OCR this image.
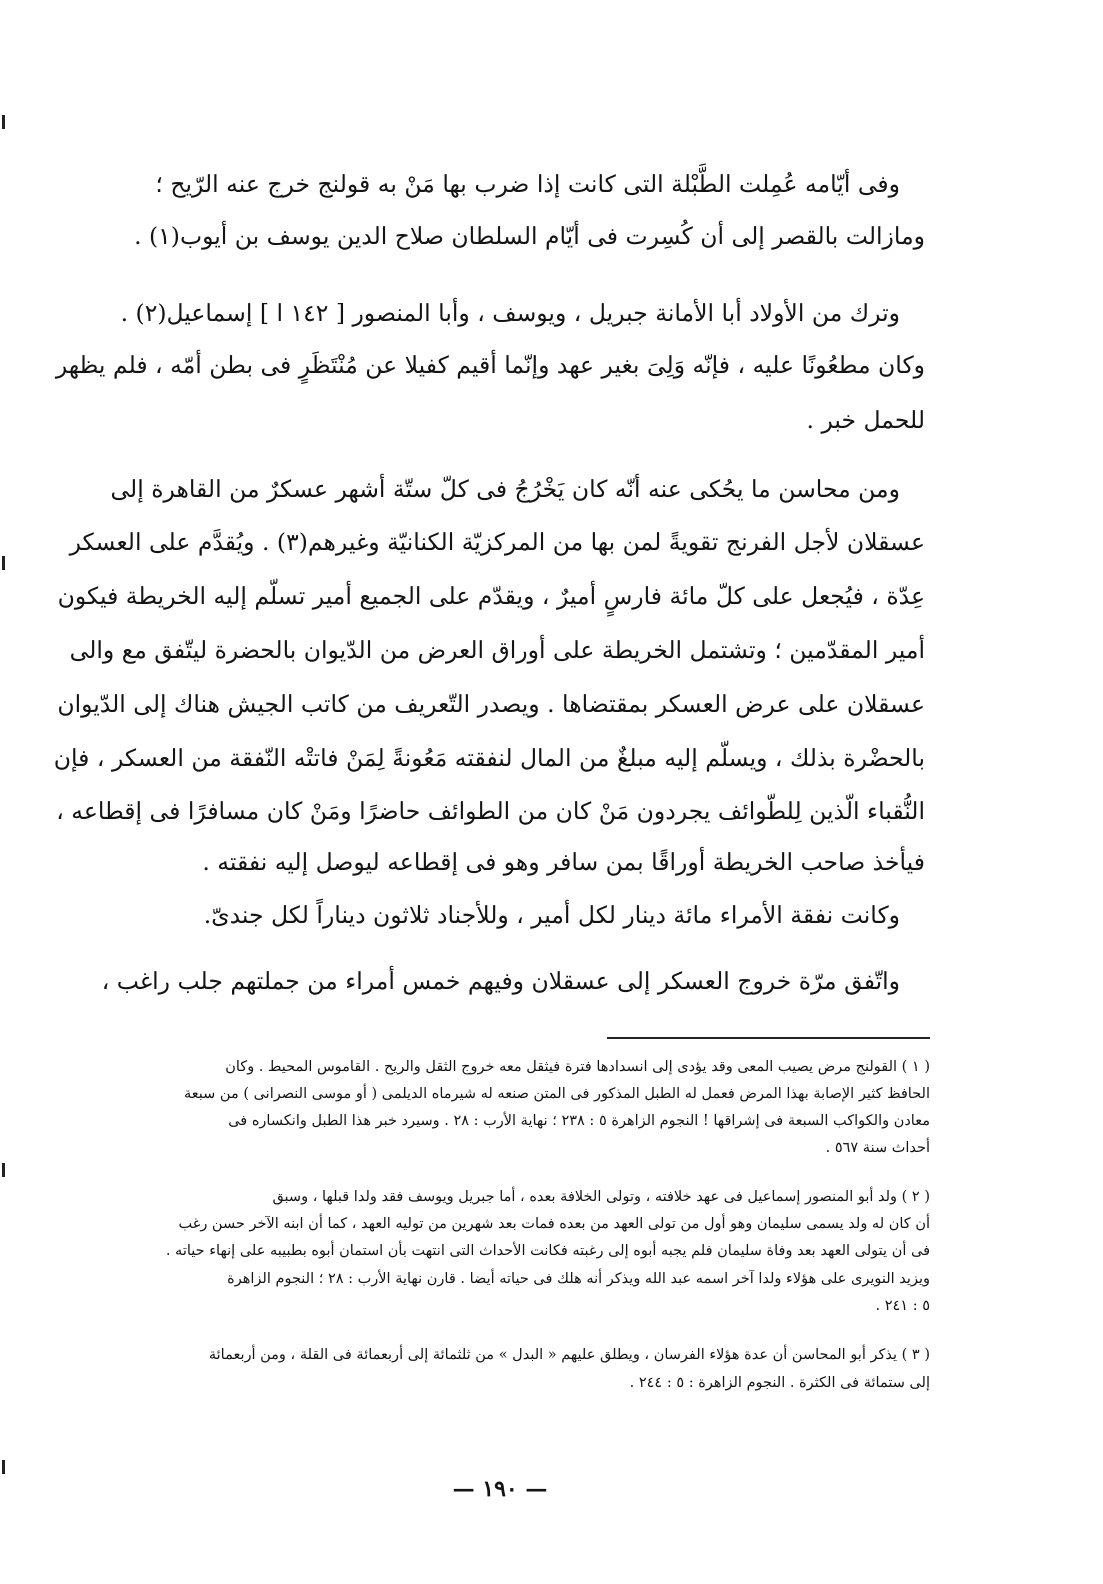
وفى أيّامه عُمِلت الطَّبْلة التى كانت إذا ضرب بها مَنْ به قولنج خرج عنه الرّيح ؛
ومازالت بالقصر إلى أن كُسِرت فى أيّام السلطان صلاح الدين يوسف بن أيوب(١) .
وترك من الأولاد أبا الأمانة جبريل ، ويوسف ، وأبا المنصور [ ١٤٢ ا ] إسماعيل(٢) .
وكان مطعُونًا عليه ، فإنّه وَلِىَ بغير عهد وإنّما أقيم كفيلا عن مُنْتَظَرٍ فى بطن أمّه ، فلم يظهر
للحمل خبر .
ومن محاسن ما يحُكى عنه أنّه كان يَخْرُجُ فى كلّ ستّة أشهر عسكرٌ من القاهرة إلى
عسقلان لأجل الفرنج تقويةً لمن بها من المركزيّة الكنانيّة وغيرهم(٣) . ويُقدَّم على العسكر
عِدّة ، فيُجعل على كلّ مائة فارسٍ أميرٌ ، ويقدّم على الجميع أمير تسلّم إليه الخريطة فيكون
أمير المقدّمين ؛ وتشتمل الخريطة على أوراق العرض من الدّيوان بالحضرة ليتّفق مع والى
عسقلان على عرض العسكر بمقتضاها . ويصدر التّعريف من كاتب الجيش هناك إلى الدّيوان
بالحضْرة بذلك ، ويسلّم إليه مبلغٌ من المال لنفقته مَعُونةً لِمَنْ فاتتْه النّفقة من العسكر ، فإن
النُّقباء الّذين لِلطّوائف يجردون مَنْ كان من الطوائف حاضرًا ومَنْ كان مسافرًا فى إقطاعه ،
فيأخذ صاحب الخريطة أوراقًا بمن سافر وهو فى إقطاعه ليوصل إليه نفقته .
وكانت نفقة الأمراء مائة دينار لكل أمير ، وللأجناد ثلاثون ديناراً لكل جندىّ.
واتّفق مرّة خروج العسكر إلى عسقلان وفيهم خمس أمراء من جملتهم جلب راغب ،
( ١ ) القولنج مرض يصيب المعى وقد يؤدى إلى انسدادها فترة فيثقل معه خروج الثقل والريح . القاموس المحيط . وكان
الحافظ كثير الإصابة بهذا المرض فعمل له الطبل المذكور فى المتن صنعه له شيرماه الديلمى ( أو موسى النصرانى ) من سبعة
معادن والكواكب السبعة فى إشراقها ! النجوم الزاهرة ٥ : ٢٣٨ ؛ نهاية الأرب : ٢٨ . وسيرد خبر هذا الطبل وانكساره فى
أحداث سنة ٥٦٧ .
( ٢ ) ولد أبو المنصور إسماعيل فى عهد خلافته ، وتولى الخلافة بعده ، أما جبريل ويوسف فقد ولدا قبلها ، وسبق
أن كان له ولد يسمى سليمان وهو أول من تولى العهد من بعده فمات بعد شهرين من توليه العهد ، كما أن ابنه الآخر حسن رغب
فى أن يتولى العهد بعد وفاة سليمان فلم يجبه أبوه إلى رغبته فكانت الأحداث التى انتهت بأن استمان أبوه بطبيبه على إنهاء حياته .
ويزيد النويرى على هؤلاء ولدا آخر اسمه عبد الله ويذكر أنه هلك فى حياته أيضا . قارن نهاية الأرب : ٢٨ ؛ النجوم الزاهرة
٥ : ٢٤١ .
( ٣ ) يذكر أبو المحاسن أن عدة هؤلاء الفرسان ، ويطلق عليهم « البدل » من ثلثمائة إلى أربعمائة فى القلة ، ومن أربعمائة
إلى ستمائة فى الكثرة . النجوم الزاهرة : ٥ : ٢٤٤ .
— ١٩٠ —
